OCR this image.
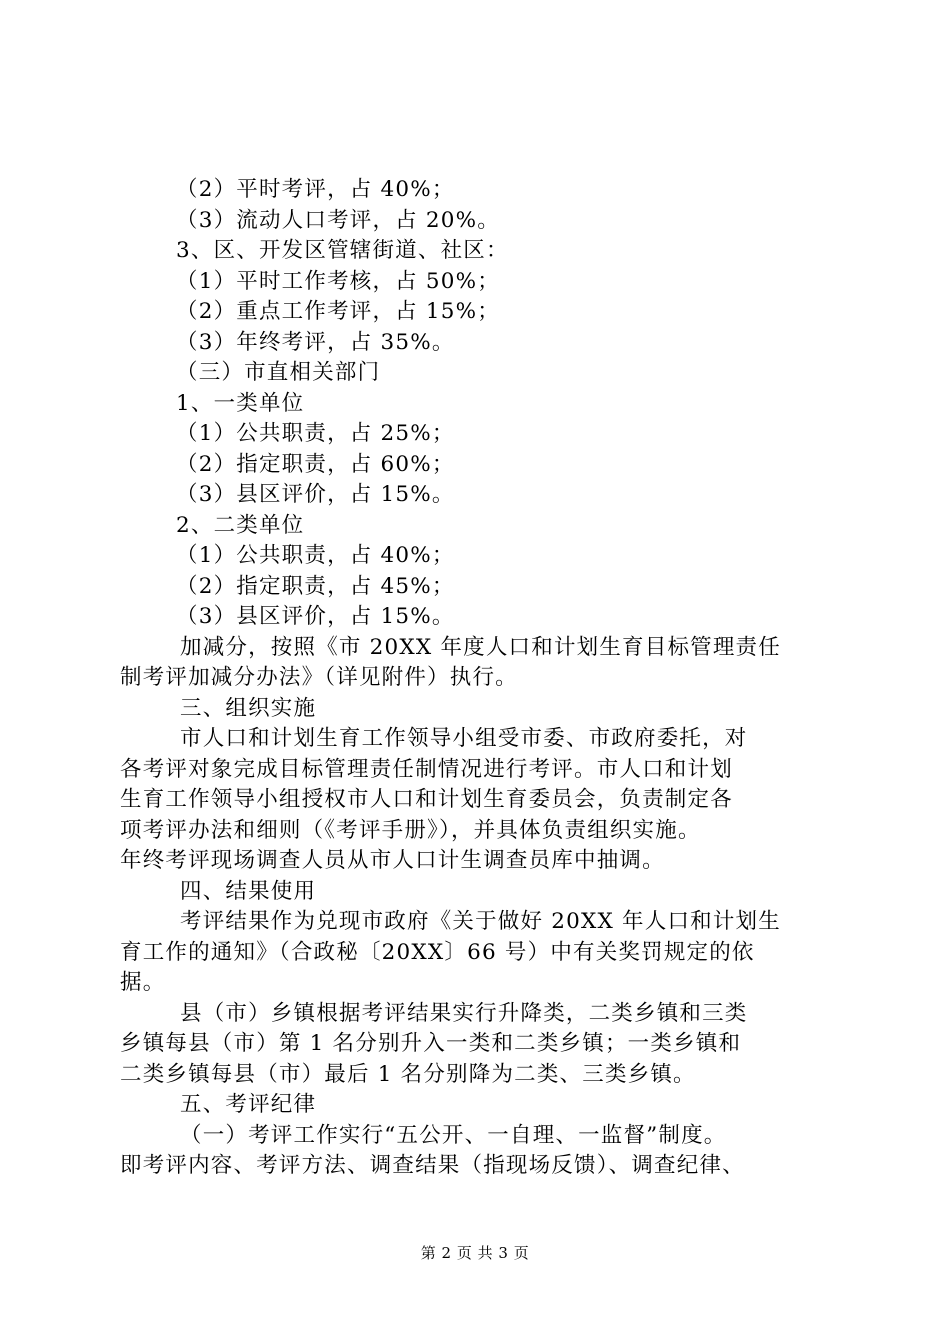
（2）平时考评，占 40%；
（3）流动人口考评，占 20%。
3、区、开发区管辖街道、社区：
（1）平时工作考核，占 50%；
（2）重点工作考评，占 15%；
（3）年终考评，占 35%。
（三）市直相关部门
1、一类单位
（1）公共职责，占 25%；
（2）指定职责，占 60%；
（3）县区评价，占 15%。
2、二类单位
（1）公共职责，占 40%；
（2）指定职责，占 45%；
（3）县区评价，占 15%。
加减分，按照《市 20XX 年度人口和计划生育目标管理责任
制考评加减分办法》（详见附件）执行。
三、组织实施
市人口和计划生育工作领导小组受市委、市政府委托，对
各考评对象完成目标管理责任制情况进行考评。市人口和计划
生育工作领导小组授权市人口和计划生育委员会，负责制定各
项考评办法和细则（《考评手册》），并具体负责组织实施。
年终考评现场调查人员从市人口计生调查员库中抽调。
四、结果使用
考评结果作为兑现市政府《关于做好 20XX 年人口和计划生
育工作的通知》（合政秘〔20XX〕66 号）中有关奖罚规定的依
据。
县（市）乡镇根据考评结果实行升降类，二类乡镇和三类
乡镇每县（市）第 1 名分别升入一类和二类乡镇；一类乡镇和
二类乡镇每县（市）最后 1 名分别降为二类、三类乡镇。
五、考评纪律
（一）考评工作实行“五公开、一自理、一监督”制度。
即考评内容、考评方法、调查结果（指现场反馈）、调查纪律、
第 2 页 共 3 页
